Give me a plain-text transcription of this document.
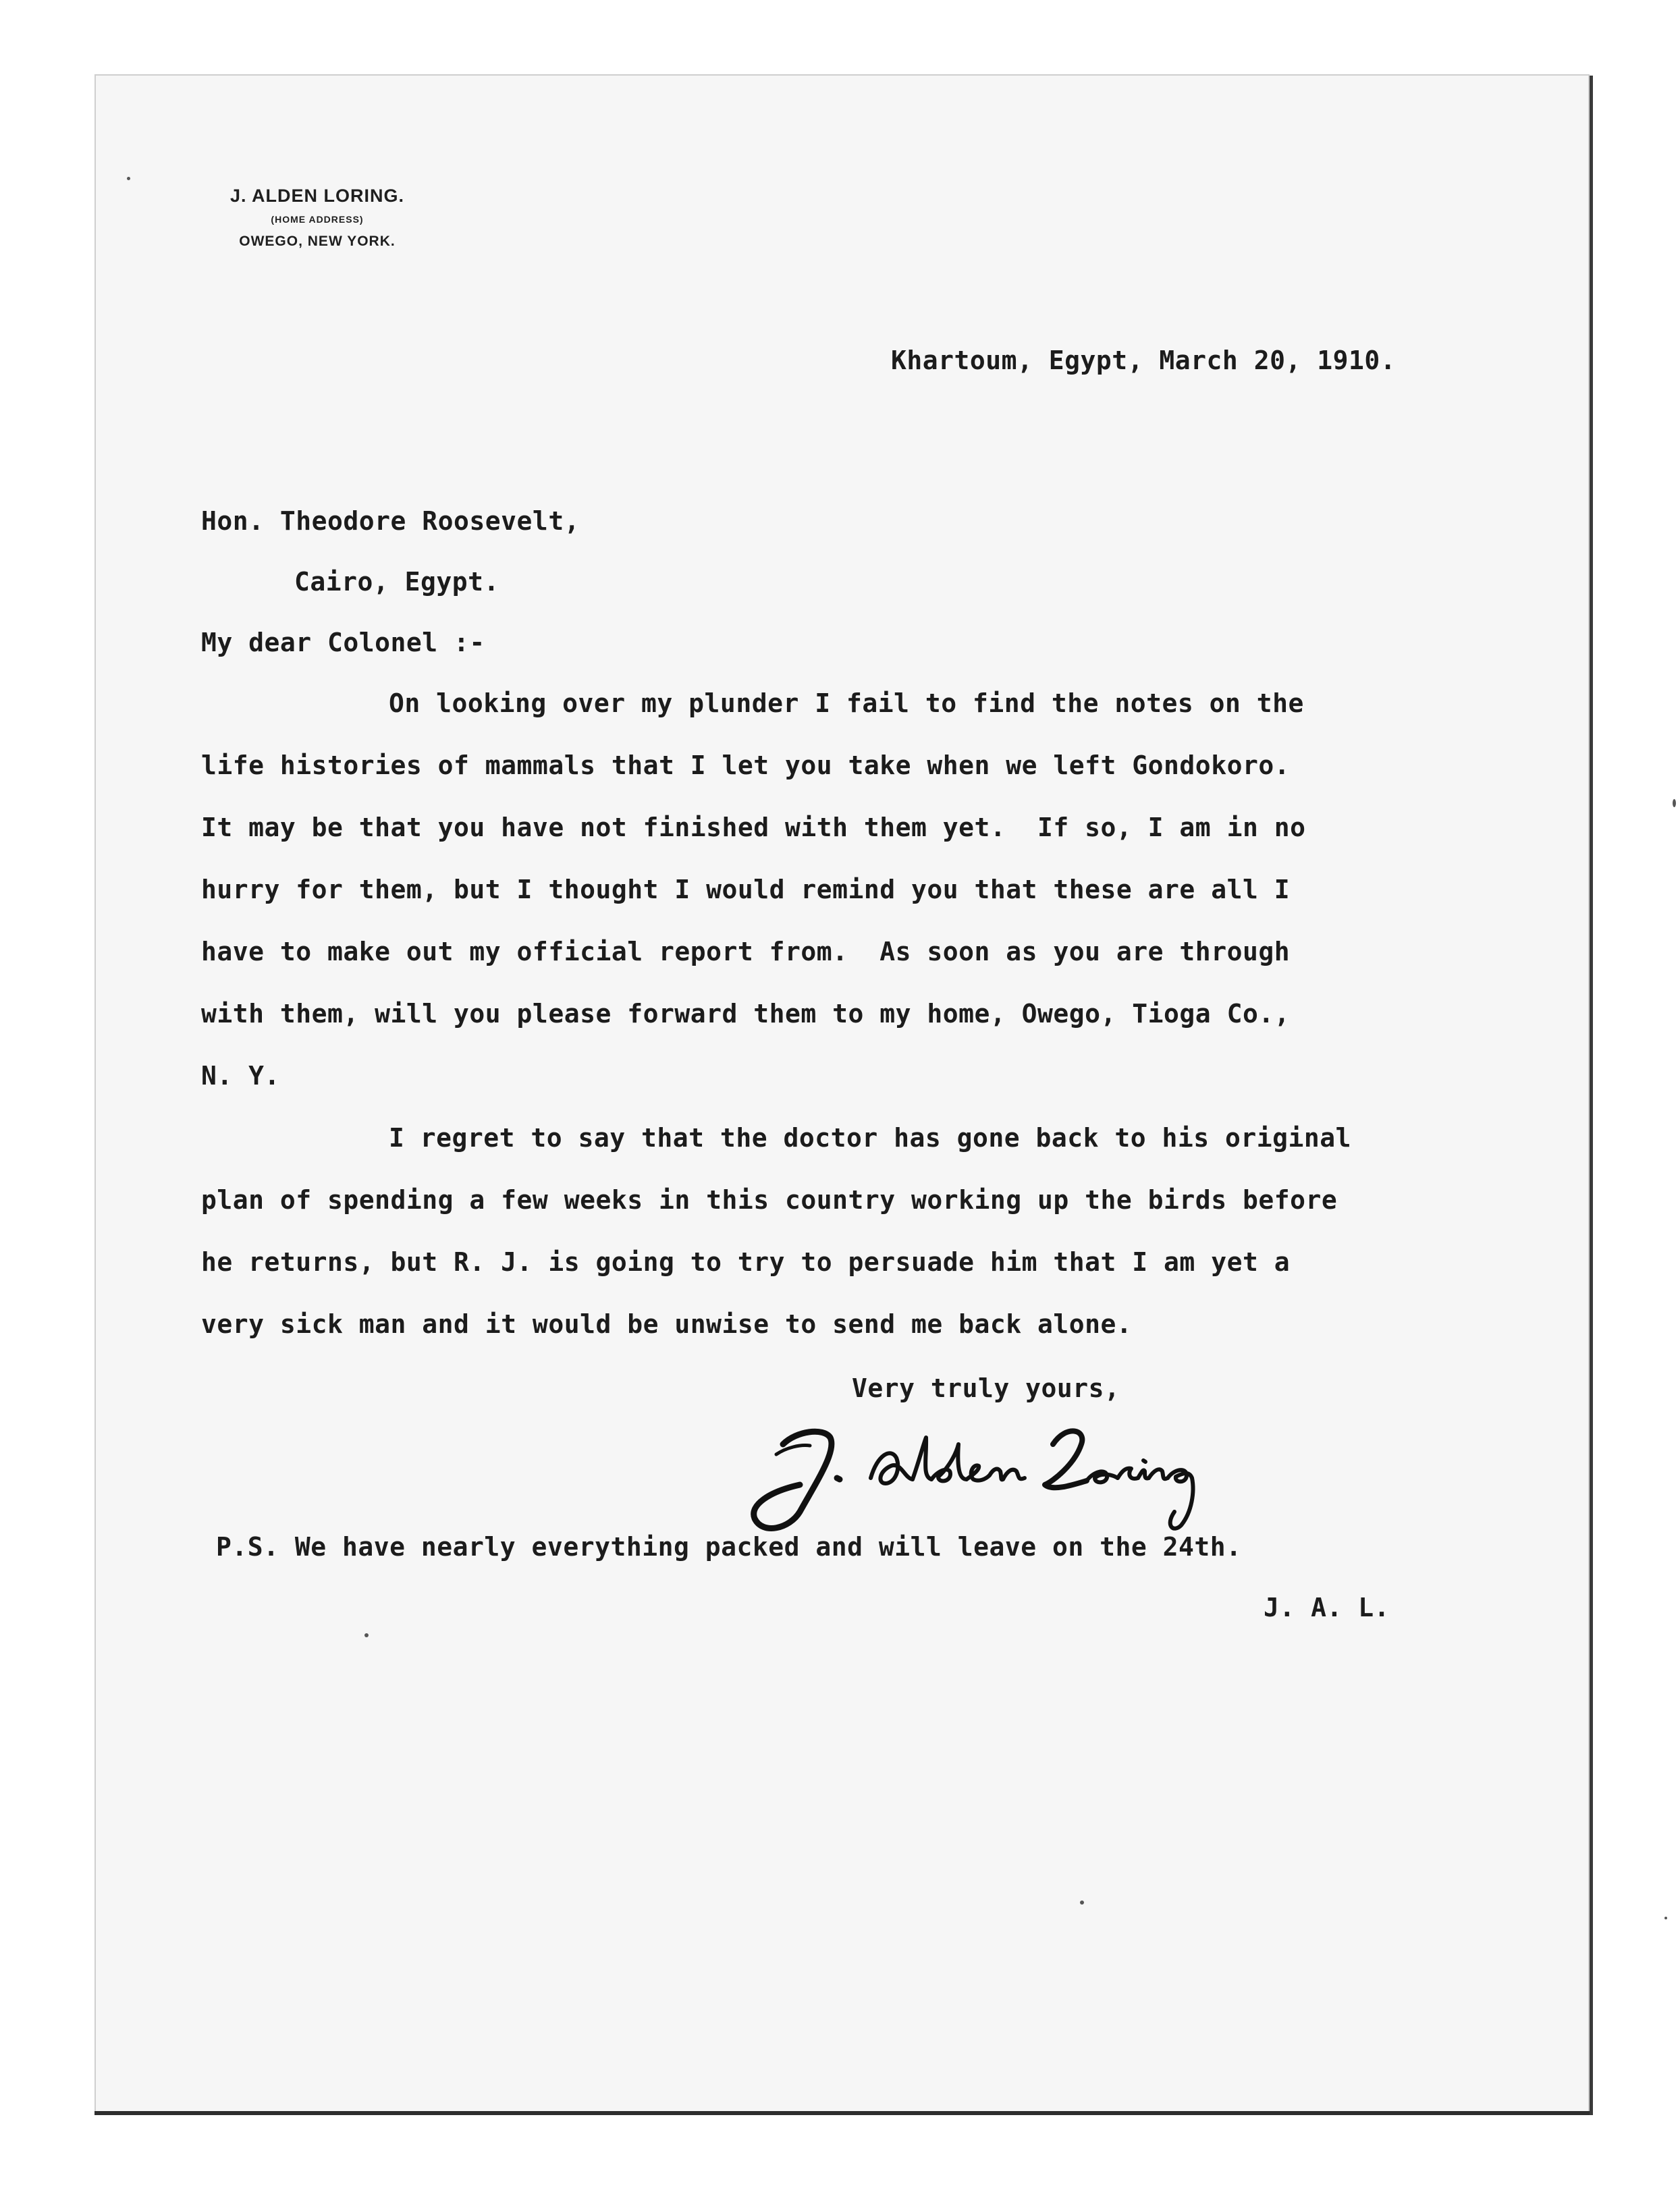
J. ALDEN LORING.
(HOME ADDRESS)
OWEGO, NEW YORK.

Khartoum, Egypt, March 20, 1910.

Hon. Theodore Roosevelt,

Cairo, Egypt.

My dear Colonel :-

On looking over my plunder I fail to find the notes on the

life histories of mammals that I let you take when we left Gondokoro.

It may be that you have not finished with them yet.  If so, I am in no

hurry for them, but I thought I would remind you that these are all I

have to make out my official report from.  As soon as you are through

with them, will you please forward them to my home, Owego, Tioga Co.,

N. Y.

I regret to say that the doctor has gone back to his original

plan of spending a few weeks in this country working up the birds before

he returns, but R. J. is going to try to persuade him that I am yet a

very sick man and it would be unwise to send me back alone.

Very truly yours,

P.S. We have nearly everything packed and will leave on the 24th.

J. A. L.
